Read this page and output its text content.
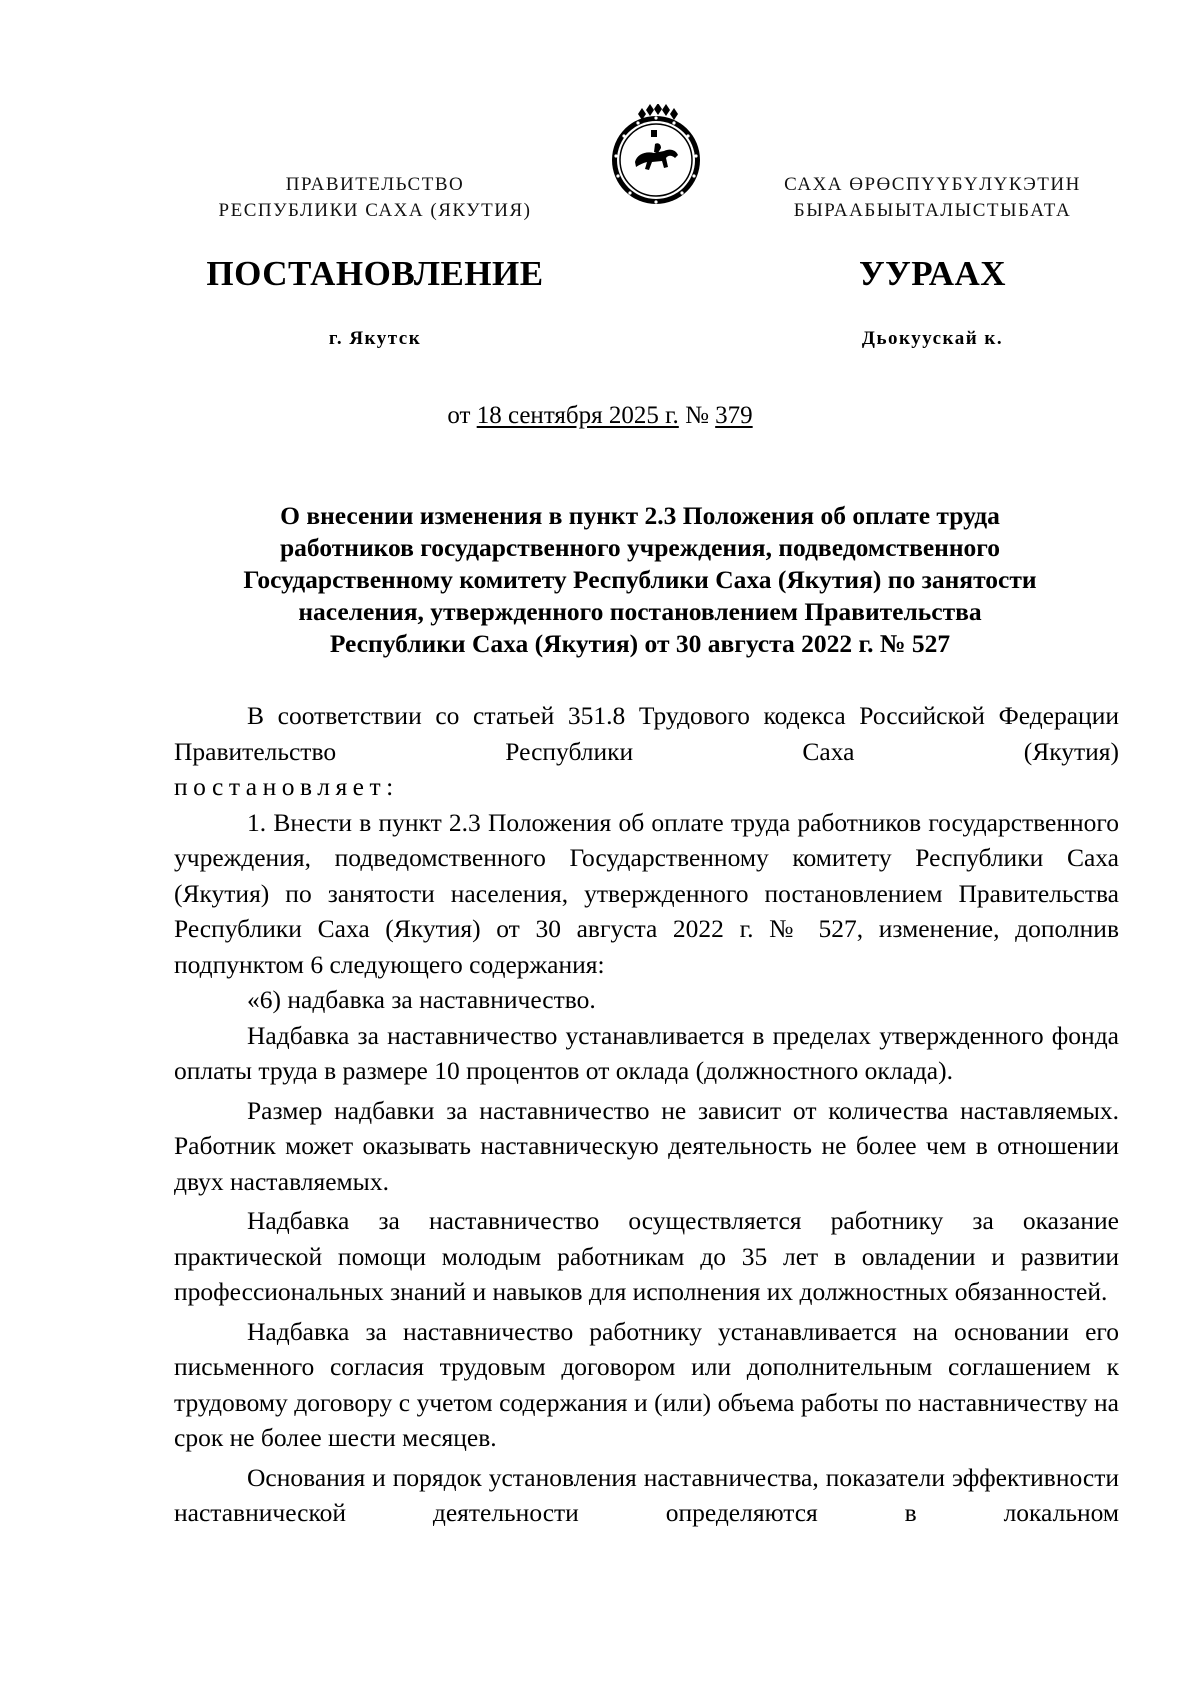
ПРАВИТЕЛЬСТВО
РЕСПУБЛИКИ САХА (ЯКУТИЯ)
САХА ӨРӨСПҮҮБҮЛҮКЭТИН
БЫРААБЫЫТАЛЫСТЫБАТА
ПОСТАНОВЛЕНИЕ	УУРААХ
г. Якутск	Дьокуускай к.
от 18 сентября 2025 г. № 379
О внесении изменения в пункт 2.3 Положения об оплате труда
работников государственного учреждения, подведомственного
Государственному комитету Республики Саха (Якутия) по занятости
населения, утвержденного постановлением Правительства
Республики Саха (Якутия) от 30 августа 2022 г. № 527

В соответствии со статьей 351.8 Трудового кодекса Российской Федерации Правительство Республики Саха (Якутия)

постановляет:

1. Внести в пункт 2.3 Положения об оплате труда работников государственного учреждения, подведомственного Государственному комитету Республики Саха (Якутия) по занятости населения, утвержденного постановлением Правительства Республики Саха (Якутия) от 30 августа 2022 г. № 527, изменение, дополнив подпунктом 6 следующего содержания:

«6) надбавка за наставничество.

Надбавка за наставничество устанавливается в пределах утвержденного фонда оплаты труда в размере 10 процентов от оклада (должностного оклада).

Размер надбавки за наставничество не зависит от количества наставляемых. Работник может оказывать наставническую деятельность не более чем в отношении двух наставляемых.

Надбавка за наставничество осуществляется работнику за оказание практической помощи молодым работникам до 35 лет в овладении и развитии профессиональных знаний и навыков для исполнения их должностных обязанностей.

Надбавка за наставничество работнику устанавливается на основании его письменного согласия трудовым договором или дополнительным соглашением к трудовому договору с учетом содержания и (или) объема работы по наставничеству на срок не более шести месяцев.

Основания и порядок установления наставничества, показатели эффективности наставнической деятельности определяются в локальном
